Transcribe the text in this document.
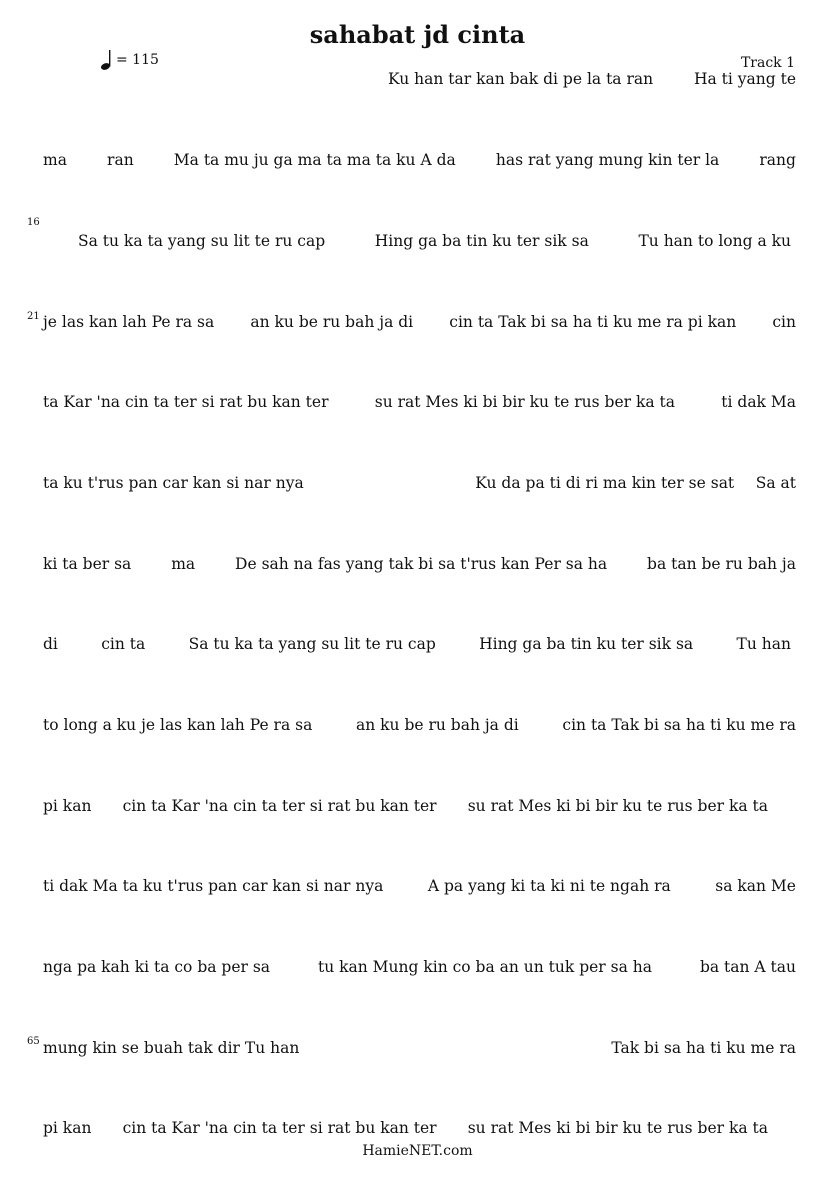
sahabat jd cinta
= 115	Track 1
16
21
65
Ku han tar kan bak di pe la ta ran	Ha ti yang te
ma	ran	Ma ta mu ju ga ma ta ma ta ku A da	has rat yang mung kin ter la	rang
Sa tu ka ta yang su lit te ru cap	Hing ga ba tin ku ter sik sa	Tu han to long a ku
je las kan lah Pe ra sa an ku be ru bah ja di cin ta Tak bi sa ha ti ku me ra pi kan cin
ta Kar 'na cin ta ter si rat bu kan ter	su rat Mes ki bi bir ku te rus ber ka ta	ti dak Ma
ta ku t'rus pan car kan si nar nya	Ku da pa ti di ri ma kin ter se sat Sa at
ki ta ber sa	ma	De sah na fas yang tak bi sa t'rus kan Per sa ha	ba tan be ru bah ja
di	cin ta	Sa tu ka ta yang su lit te ru cap	Hing ga ba tin ku ter sik sa	Tu han
to long a ku je las kan lah Pe ra sa	an ku be ru bah ja di	cin ta Tak bi sa ha ti ku me ra
pi kan cin ta Kar 'na cin ta ter si rat bu kan ter su rat Mes ki bi bir ku te rus ber ka ta
ti dak Ma ta ku t'rus pan car kan si nar nya	A pa yang ki ta ki ni te ngah ra	sa kan Me
nga pa kah ki ta co ba per sa	tu kan Mung kin co ba an un tuk per sa ha	ba tan A tau
mung kin se buah tak dir Tu han	Tak bi sa ha ti ku me ra
pi kan cin ta Kar 'na cin ta ter si rat bu kan ter su rat Mes ki bi bir ku te rus ber ka ta
HamieNET.com
